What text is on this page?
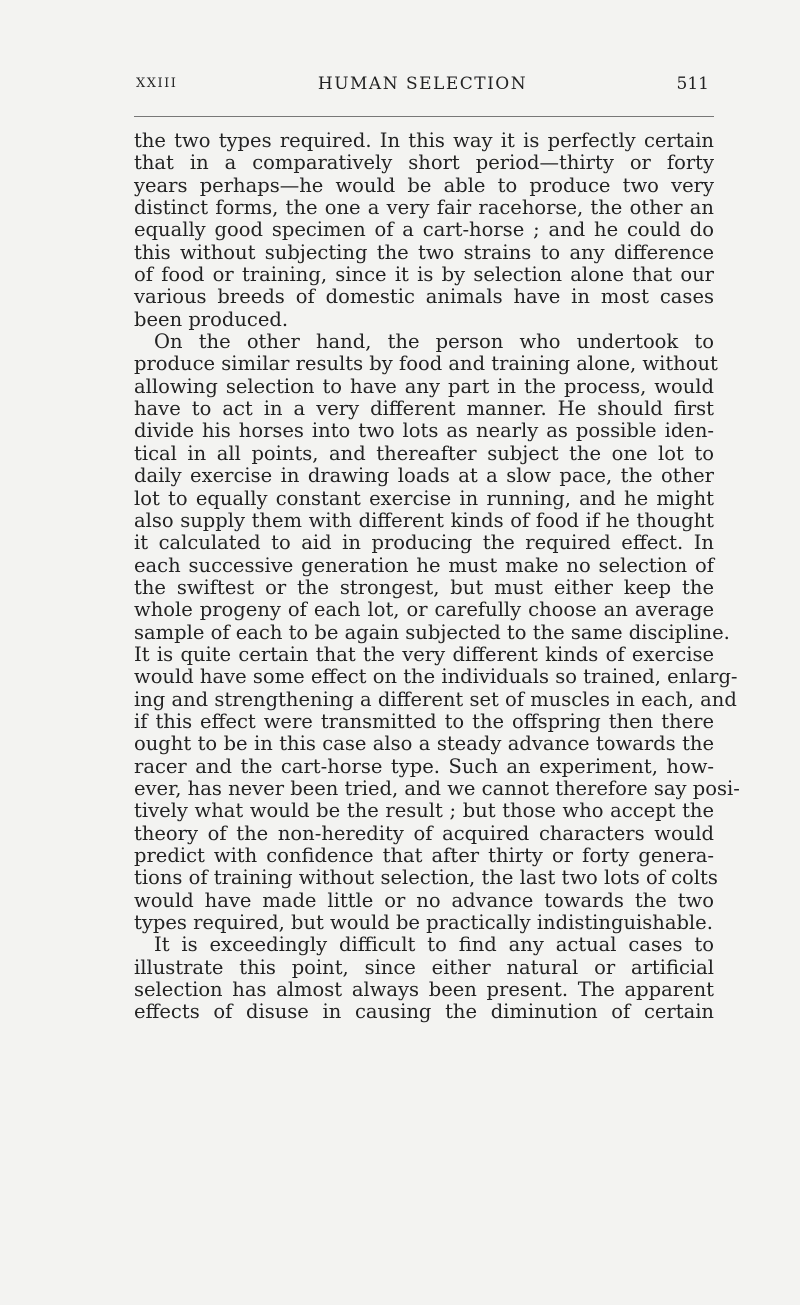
XXIII	HUMAN SELECTION	511
the two types required. In this way it is perfectly certain
that in a comparatively short period—thirty or forty
years perhaps—he would be able to produce two very
distinct forms, the one a very fair racehorse, the other an
equally good specimen of a cart-horse ; and he could do
this without subjecting the two strains to any difference
of food or training, since it is by selection alone that our
various breeds of domestic animals have in most cases
been produced.
On the other hand, the person who undertook to
produce similar results by food and training alone, without
allowing selection to have any part in the process, would
have to act in a very different manner. He should first
divide his horses into two lots as nearly as possible iden-
tical in all points, and thereafter subject the one lot to
daily exercise in drawing loads at a slow pace, the other
lot to equally constant exercise in running, and he might
also supply them with different kinds of food if he thought
it calculated to aid in producing the required effect. In
each successive generation he must make no selection of
the swiftest or the strongest, but must either keep the
whole progeny of each lot, or carefully choose an average
sample of each to be again subjected to the same discipline.
It is quite certain that the very different kinds of exercise
would have some effect on the individuals so trained, enlarg-
ing and strengthening a different set of muscles in each, and
if this effect were transmitted to the offspring then there
ought to be in this case also a steady advance towards the
racer and the cart-horse type. Such an experiment, how-
ever, has never been tried, and we cannot therefore say posi-
tively what would be the result ; but those who accept the
theory of the non-heredity of acquired characters would
predict with confidence that after thirty or forty genera-
tions of training without selection, the last two lots of colts
would have made little or no advance towards the two
types required, but would be practically indistinguishable.
It is exceedingly difficult to find any actual cases to
illustrate this point, since either natural or artificial
selection has almost always been present. The apparent
effects of disuse in causing the diminution of certain
